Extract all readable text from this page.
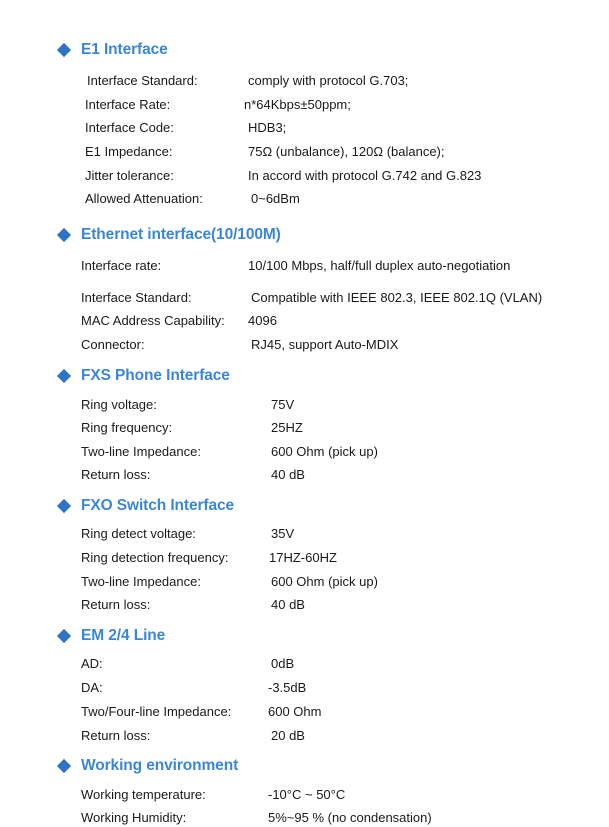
E1 Interface
Interface Standard:	comply with protocol G.703;
Interface Rate:	n*64Kbps±50ppm;
Interface Code:	HDB3;
E1 Impedance:	75Ω (unbalance), 120Ω (balance);
Jitter tolerance:	In accord with protocol G.742 and G.823
Allowed Attenuation:	0~6dBm
Ethernet interface(10/100M)
Interface rate:	10/100 Mbps, half/full duplex auto-negotiation
Interface Standard:	Compatible with IEEE 802.3, IEEE 802.1Q (VLAN)
MAC Address Capability: 4096
Connector:	RJ45, support Auto-MDIX
FXS Phone Interface
Ring voltage:	75V
Ring frequency:	25HZ
Two-line Impedance:	600 Ohm (pick up)
Return loss:	40 dB
FXO Switch Interface
Ring detect voltage:	35V
Ring detection frequency:	17HZ-60HZ
Two-line Impedance:	600 Ohm (pick up)
Return loss:	40 dB
EM 2/4 Line
AD:	0dB
DA:	-3.5dB
Two/Four-line Impedance:	600 Ohm
Return loss:	20 dB
Working environment
Working temperature:	-10°C ~ 50°C
Working Humidity:	5%~95 % (no condensation)
